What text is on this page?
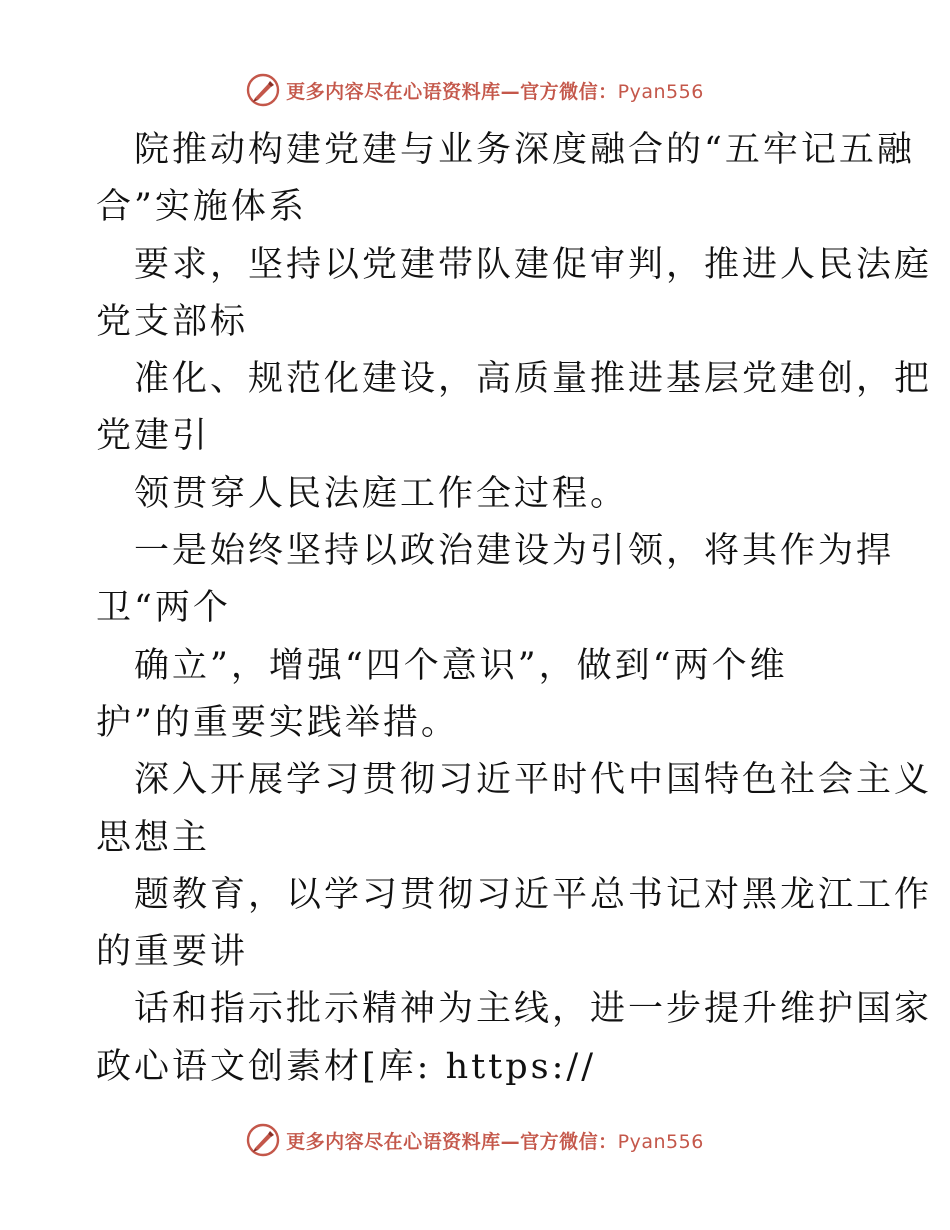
更多内容尽在心语资料库—官方微信：Pyan556
院推动构建党建与业务深度融合的“五牢记五融
合”实施体系
要求，坚持以党建带队建促审判，推进人民法庭
党支部标
准化、规范化建设，高质量推进基层党建创，把
党建引
领贯穿人民法庭工作全过程。
一是始终坚持以政治建设为引领，将其作为捍
卫“两个
确立”，增强“四个意识”，做到“两个维
护”的重要实践举措。
深入开展学习贯彻习近平时代中国特色社会主义
思想主
题教育，以学习贯彻习近平总书记对黑龙江工作
的重要讲
话和指示批示精神为主线，进一步提升维护国家
政心语文创素材[库: https://
更多内容尽在心语资料库—官方微信：Pyan556
